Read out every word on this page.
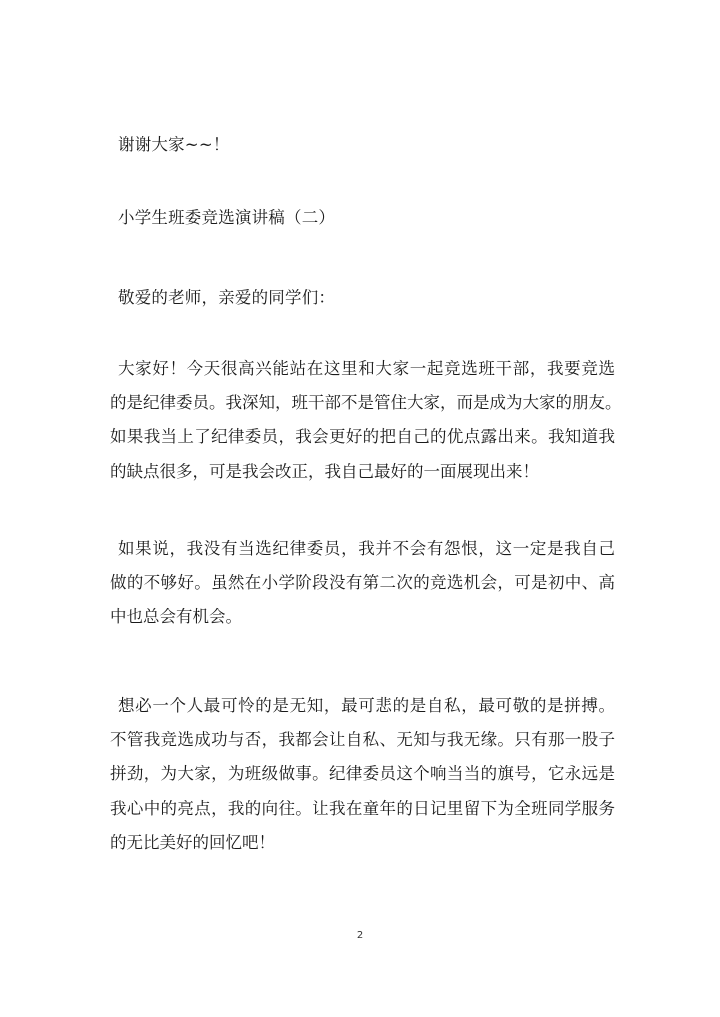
谢谢大家~~！
小学生班委竞选演讲稿（二）
敬爱的老师，亲爱的同学们：
大家好！今天很高兴能站在这里和大家一起竞选班干部，我要竞选
的是纪律委员。我深知，班干部不是管住大家，而是成为大家的朋友。
如果我当上了纪律委员，我会更好的把自己的优点露出来。我知道我
的缺点很多，可是我会改正，我自己最好的一面展现出来！
如果说，我没有当选纪律委员，我并不会有怨恨，这一定是我自己
做的不够好。虽然在小学阶段没有第二次的竞选机会，可是初中、高
中也总会有机会。
想必一个人最可怜的是无知，最可悲的是自私，最可敬的是拼搏。
不管我竞选成功与否，我都会让自私、无知与我无缘。只有那一股子
拼劲，为大家，为班级做事。纪律委员这个响当当的旗号，它永远是
我心中的亮点，我的向往。让我在童年的日记里留下为全班同学服务
的无比美好的回忆吧！
2
